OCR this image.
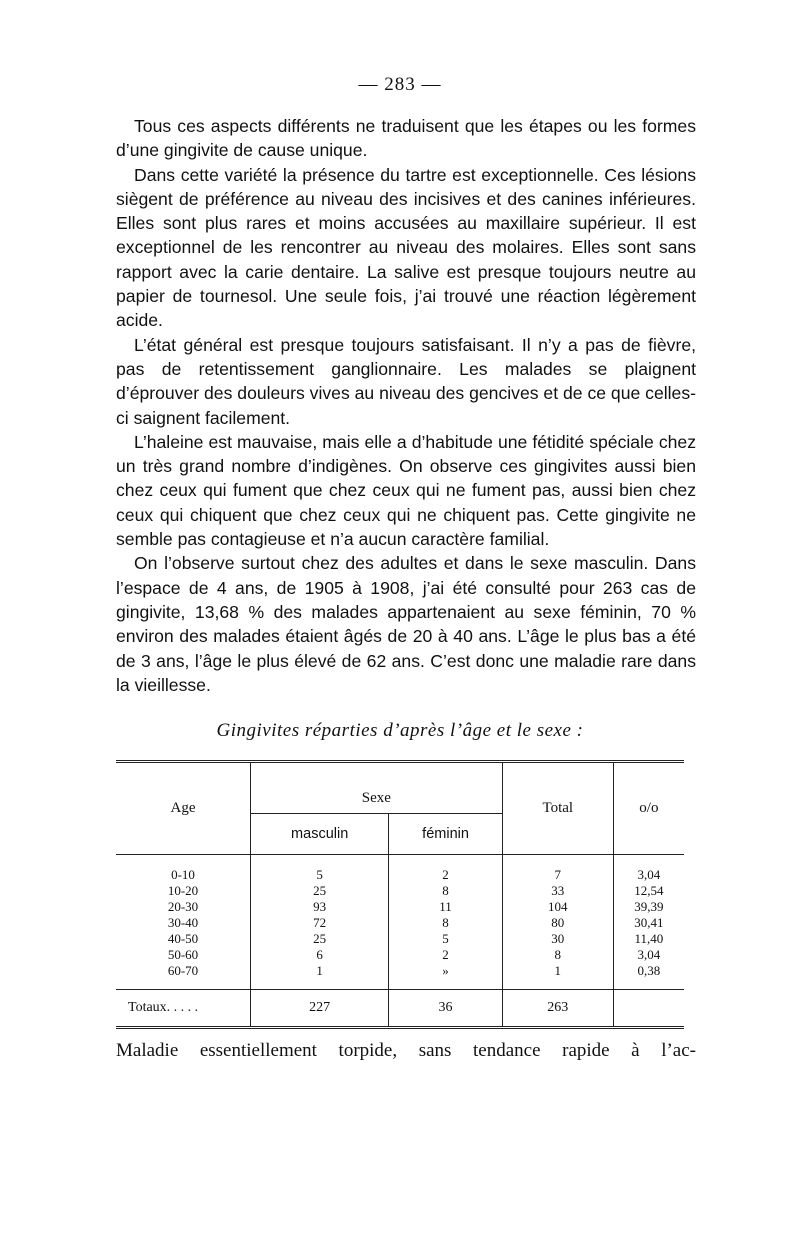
— 283 —

Tous ces aspects différents ne traduisent que les étapes ou les formes d’une gingivite de cause unique.

Dans cette variété la présence du tartre est exceptionnelle. Ces lésions siègent de préférence au niveau des incisives et des canines inférieures. Elles sont plus rares et moins accusées au maxillaire supérieur. Il est exceptionnel de les rencontrer au niveau des molaires. Elles sont sans rapport avec la carie dentaire. La salive est presque toujours neutre au papier de tournesol. Une seule fois, j’ai trouvé une réaction légèrement acide.

L’état général est presque toujours satisfaisant. Il n’y a pas de fièvre, pas de retentissement ganglionnaire. Les malades se plaignent d’éprouver des douleurs vives au niveau des gencives et de ce que celles-ci saignent facilement.

L’haleine est mauvaise, mais elle a d’habitude une fétidité spéciale chez un très grand nombre d’indigènes. On observe ces gingivites aussi bien chez ceux qui fument que chez ceux qui ne fument pas, aussi bien chez ceux qui chiquent que chez ceux qui ne chiquent pas. Cette gingivite ne semble pas contagieuse et n’a aucun caractère familial.

On l’observe surtout chez des adultes et dans le sexe masculin. Dans l’espace de 4 ans, de 1905 à 1908, j’ai été consulté pour 263 cas de gingivite, 13,68 % des malades appartenaient au sexe féminin, 70 % environ des malades étaient âgés de 20 à 40 ans. L’âge le plus bas a été de 3 ans, l’âge le plus élevé de 62 ans. C’est donc une maladie rare dans la vieillesse.

Gingivites réparties d’après l’âge et le sexe :
Age	Sexe		Total	o/o
	masculin	féminin		

0-10	5	2	7	3,04
10-20	25	8	33	12,54
20-30	93	11	104	39,39
30-40	72	8	80	30,41
40-50	25	5	30	11,40
50-60	6	2	8	3,04
60-70	1	»	1	0,38
Totaux. . . . .	227	36	263	

Maladie essentiellement torpide, sans tendance rapide à l’ac-
